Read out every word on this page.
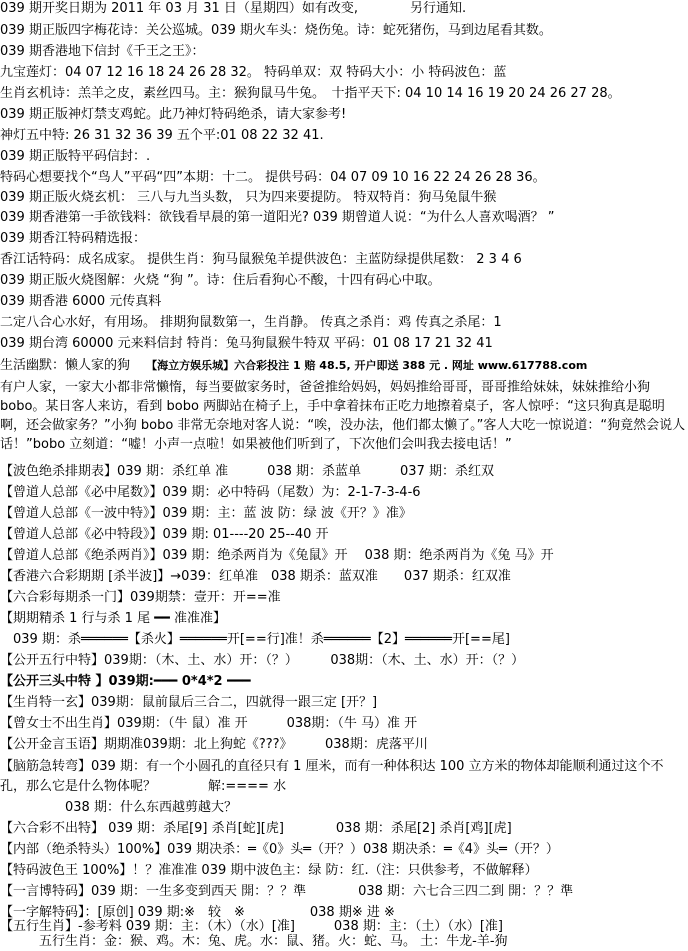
039 期开奖日期为 2011 年 03 月 31 日（星期四）如有改变,　　　　另行通知.
039 期正版四字梅花诗：关公巡城。039 期火车头：烧伤兔。诗：蛇死猪伤，马到边尾看其数。
039 期香港地下信封《千王之王》：
九宝莲灯：04 07 12 16 18 24 26 28 32。 特码单双：双 特码大小：小 特码波色：蓝
生肖玄机诗：羔羊之皮，素丝四马。主：猴狗鼠马牛兔。　十指平天下: 04 10 14 16 19 20 24 26 27 28。
039 期正版神灯禁支鸡蛇。此乃神灯特码绝杀，请大家参考!
神灯五中特: 26 31 32 36 39 五个平:01 08 22 32 41.
039 期正版特平码信封：.
特码心想要找个“鸟人”平码“四”本期：十二。 提供号码：04 07 09 10 16 22 24 26 28 36。
039 期正版火烧玄机： 三八与九当头数， 只为四来要提防。 特双特肖：狗马兔鼠牛猴
039 期香港第一手欲钱料：欲钱看早晨的第一道阳光? 039 期曾道人说：“为什么人喜欢喝酒？ ”
039 期香江特码精选报：
香江话特码：成名成家。 提供生肖：狗马鼠猴兔羊提供波色：主蓝防绿提供尾数： 2 3 4 6
039 期正版火烧图解：火烧 “狗 ”。诗：住后看狗心不酸，十四有码心中取。
039 期香港 6000 元传真料
二定八合心水好，有用场。 排期狗鼠数第一，生肖静。 传真之杀肖：鸡 传真之杀尾：1
039 期台湾 60000 元来料信封 特肖：兔马狗鼠猴牛特双 平码：01 08 17 21 32 41
生活幽默：懒人家的狗 【海立方娱乐城】六合彩投注 1 赔 48.5, 开户即送 388 元 . 网址 www.617788.com
有户人家，一家大小都非常懒惰，每当要做家务时，爸爸推给妈妈，妈妈推给哥哥，哥哥推给妹妹，妹妹推给小狗 bobo。某日客人来访，看到 bobo 两脚站在椅子上，手中拿着抹布正吃力地擦着桌子，客人惊呼：“这只狗真是聪明啊，还会做家务？”小狗 bobo 非常无奈地对客人说：“唉，没办法，他们都太懒了。”客人大吃一惊说道：“狗竟然会说人话！”bobo 立刻道：“嘘！小声一点啦！如果被他们听到了，下次他们会叫我去接电话！”
【波色绝杀排期表】039 期：杀红单 准　　　038 期：杀蓝单　　　037 期：杀红双
【曾道人总部《必中尾数》】039 期：必中特码（尾数）为：2-1-7-3-4-6
【曾道人总部《一波中特》】039 期：主：蓝 波 防：绿 波《开？》准》
【曾道人总部《必中特段》】039 期: 01----20 25--40 开
【曾道人总部《绝杀两肖》】039 期：绝杀两肖为《兔鼠》开　 038 期：绝杀两肖为《兔 马》开
【香港六合彩期期 [杀半波]】→039：红单准　038 期杀：蓝双准　　037 期杀：红双准
【六合彩每期杀一门】039期禁：壹开：开==准
【期期精杀 1 行与杀 1 尾 ━━ 准准准】
　039 期：杀══════【杀火】══════开[==行]准！杀══════【2】══════开[==尾]
【公开五行中特】039期：（木、土、水）开：（？）　　　038期：（木、土、水）开：（？）
【公开三头中特 】039期:━━━ 0*4*2 ━━━
【生肖特一玄】039期：鼠前鼠后三合二，四就得一跟三定 [开？]
【曾女士不出生肖】039期：（牛 鼠）准 开　　　038期：（牛 马）准 开
【公开金言玉语】期期准039期：北上狗蛇《???》　　　038期：虎落平川
【脑筋急转弯】039 期：有一个小圆孔的直径只有 1 厘米，而有一种体积达 100 立方米的物体却能顺利通过这个不孔，那么它是什么物体呢？　　　　解:==== 水
　　　　　038 期：什么东西越剪越大？
【六合彩不出特】 039 期：杀尾[9] 杀肖[蛇][虎]　　　　038 期：杀尾[2] 杀肖[鸡][虎]
【内部（绝杀特头）100%】039 期决杀：═《0》头═（开？）038 期决杀：═《4》头═（开？）
【特码波色王 100%】！？准准准 039 期中波色主：绿 防：红.（注：只供参考，不做解释）
【一言博特码】039 期：一生多变到西天 開：？？準　　　　038 期：六七合三四二到 開：？？準
【一字解特码】：[原创] 039 期:※　较　※　　　　　038 期※ 进 ※
【五行生肖】-参考料 039 期：主：（木）（水）[准]　　　038 期：主：（土）（水）[准]
　　　五行生肖：金：猴、鸡。木：兔、虎。水：鼠、猪。火：蛇、马。 土：牛龙-羊-狗
